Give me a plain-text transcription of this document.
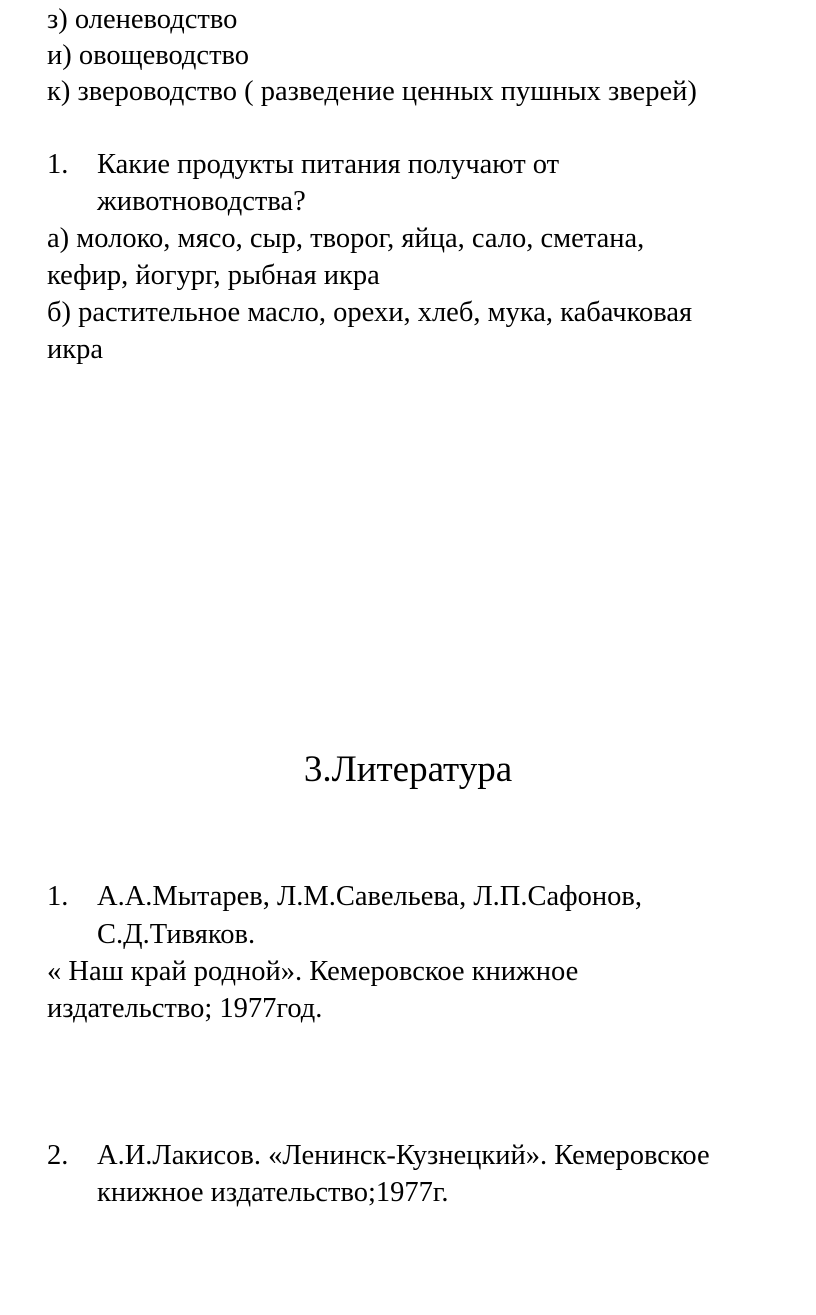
з) оленеводство
и) овощеводство
к) звероводство ( разведение ценных пушных зверей)
1. Какие продукты питания получают от
животноводства?
а) молоко, мясо, сыр, творог, яйца, сало, сметана,
кефир, йогург, рыбная икра
б) растительное масло, орехи, хлеб, мука, кабачковая
икра
3.Литература
1. А.А.Мытарев, Л.М.Савельева, Л.П.Сафонов,
С.Д.Тивяков.
« Наш край родной». Кемеровское книжное
издательство; 1977год.
2. А.И.Лакисов. «Ленинск-Кузнецкий». Кемеровское
книжное издательство;1977г.
